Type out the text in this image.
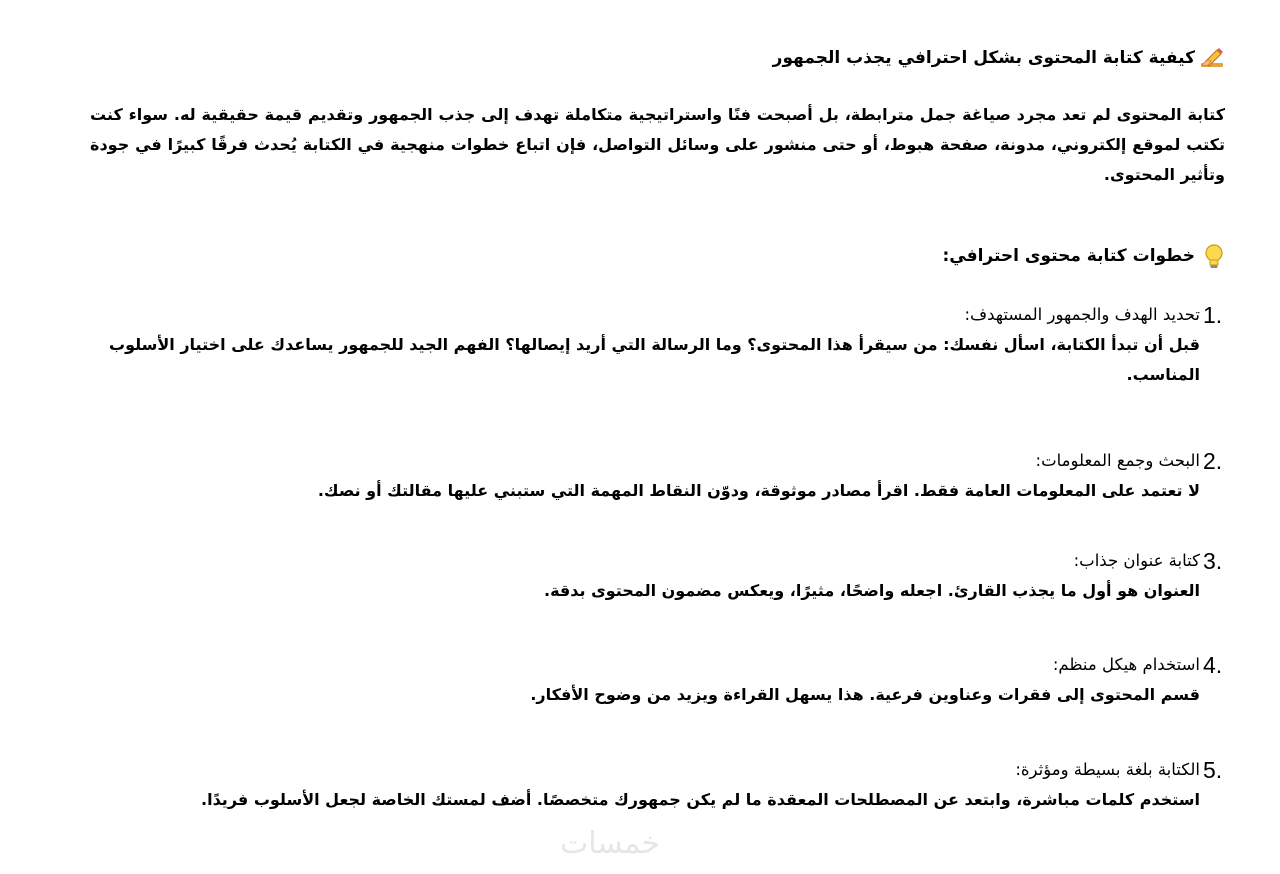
كيفية كتابة المحتوى بشكل احترافي يجذب الجمهور

كتابة المحتوى لم تعد مجرد صياغة جمل مترابطة، بل أصبحت فنًا واستراتيجية متكاملة تهدف إلى جذب الجمهور وتقديم قيمة حقيقية له. سواء كنت تكتب لموقع إلكتروني، مدونة، صفحة هبوط، أو حتى منشور على وسائل التواصل، فإن اتباع خطوات منهجية في الكتابة يُحدث فرقًا كبيرًا في جودة وتأثير المحتوى.

خطوات كتابة محتوى احترافي:
1.
تحديد الهدف والجمهور المستهدف:
قبل أن تبدأ الكتابة، اسأل نفسك: من سيقرأ هذا المحتوى؟ وما الرسالة التي أريد إيصالها؟ الفهم الجيد للجمهور يساعدك على اختيار الأسلوب المناسب.
2.
البحث وجمع المعلومات:
لا تعتمد على المعلومات العامة فقط. اقرأ مصادر موثوقة، ودوّن النقاط المهمة التي ستبني عليها مقالتك أو نصك.
3.
كتابة عنوان جذاب:
العنوان هو أول ما يجذب القارئ. اجعله واضحًا، مثيرًا، ويعكس مضمون المحتوى بدقة.
4.
استخدام هيكل منظم:
قسم المحتوى إلى فقرات وعناوين فرعية. هذا يسهل القراءة ويزيد من وضوح الأفكار.
5.
الكتابة بلغة بسيطة ومؤثرة:
استخدم كلمات مباشرة، وابتعد عن المصطلحات المعقدة ما لم يكن جمهورك متخصصًا. أضف لمستك الخاصة لجعل الأسلوب فريدًا.
خمسات
